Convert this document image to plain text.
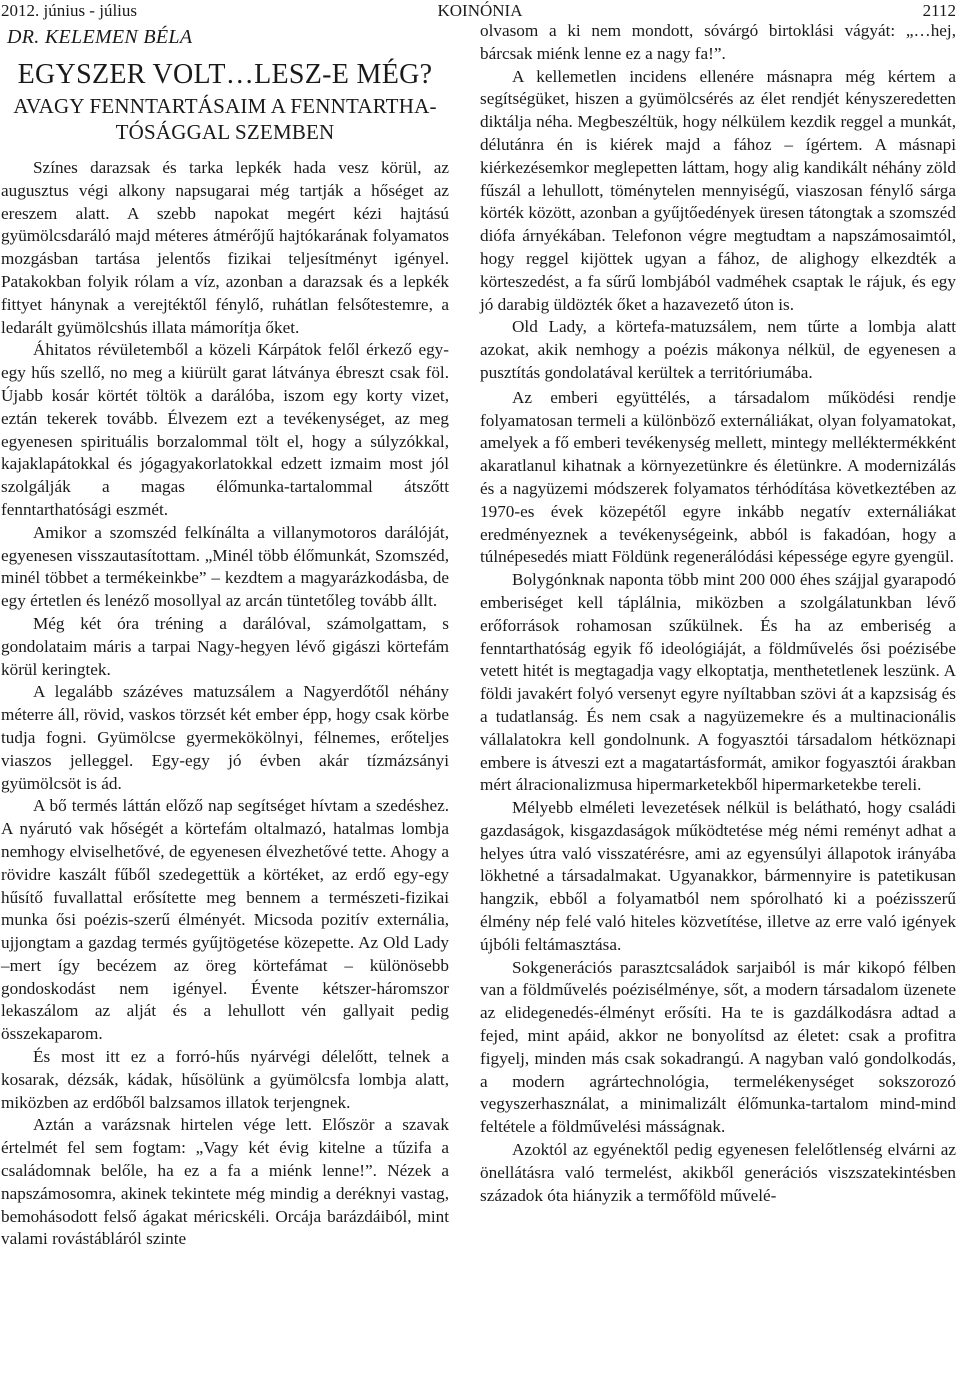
2012. június - július	KOINÓNIA	2112
DR. KELEMEN BÉLA
EGYSZER VOLT…LESZ-E MÉG?
AVAGY FENNTARTÁSAIM A FENNTARTHA-
TÓSÁGGAL SZEMBEN

Színes darazsak és tarka lepkék hada vesz körül, az augusztus végi alkony napsugarai még tartják a hőséget az ereszem alatt. A szebb napokat megért kézi hajtású gyümölcsdaráló majd méteres átmérőjű hajtókarának folyamatos mozgásban tartása jelentős fizikai teljesítményt igényel. Patakokban folyik rólam a víz, azonban a darazsak és a lepkék fittyet hánynak a verejtéktől fénylő, ruhátlan felsőtestemre, a ledarált gyümölcshús illata mámorítja őket.

Áhitatos révületemből a közeli Kárpátok felől érkező egy-egy hűs szellő, no meg a kiürült garat látványa ébreszt csak föl. Újabb kosár körtét töltök a darálóba, iszom egy korty vizet, eztán tekerek tovább. Élvezem ezt a tevékenységet, az meg egyenesen spirituális borzalommal tölt el, hogy a súlyzókkal, kajaklapátokkal és jógagyakorlatokkal edzett izmaim most jól szolgálják a magas élőmunka-tartalommal átszőtt fenntarthatósági eszmét.

Amikor a szomszéd felkínálta a villanymotoros darálóját, egyenesen visszautasítottam. „Minél több élőmunkát, Szomszéd, minél többet a termékeinkbe” – kezdtem a magyarázkodásba, de egy értetlen és lenéző mosollyal az arcán tüntetőleg tovább állt.

Még két óra tréning a darálóval, számolgattam, s gondolataim máris a tarpai Nagy-hegyen lévő gigászi körtefám körül keringtek.

A legalább százéves matuzsálem a Nagyerdőtől néhány méterre áll, rövid, vaskos törzsét két ember épp, hogy csak körbe tudja fogni. Gyümölcse gyermekökölnyi, félnemes, erőteljes viaszos jelleggel. Egy-egy jó évben akár tízmázsányi gyümölcsöt is ád.

A bő termés láttán előző nap segítséget hívtam a szedéshez. A nyárutó vak hőségét a körtefám oltalmazó, hatalmas lombja nemhogy elviselhetővé, de egyenesen élvezhetővé tette. Ahogy a rövidre kaszált fűből szedegettük a körtéket, az erdő egy-egy hűsítő fuvallattal erősítette meg bennem a természeti-fizikai munka ősi poézis-szerű élményét. Micsoda pozitív externália, ujjongtam a gazdag termés gyűjtögetése közepette. Az Old Lady –mert így becézem az öreg körtefámat – különösebb gondoskodást nem igényel. Évente kétszer-háromszor lekaszálom az alját és a lehullott vén gallyait pedig összekaparom.

És most itt ez a forró-hűs nyárvégi délelőtt, telnek a kosarak, dézsák, kádak, hűsölünk a gyümölcsfa lombja alatt, miközben az erdőből balzsamos illatok terjengnek.

Aztán a varázsnak hirtelen vége lett. Először a szavak értelmét fel sem fogtam: „Vagy két évig kitelne a tűzifa a családomnak belőle, ha ez a fa a miénk lenne!”. Nézek a napszámosomra, akinek tekintete még mindig a deréknyi vastag, bemohásodott felső ágakat méricskéli. Orcája barázdáiból, mint valami rovástábláról szinte

olvasom a ki nem mondott, sóvárgó birtoklási vágyát: „…hej, bárcsak miénk lenne ez a nagy fa!”.

A kellemetlen incidens ellenére másnapra még kértem a segítségüket, hiszen a gyümölcsérés az élet rendjét kényszeredetten diktálja néha. Megbeszéltük, hogy nélkülem kezdik reggel a munkát, délutánra én is kiérek majd a fához – ígértem. A másnapi kiérkezésemkor meglepetten láttam, hogy alig kandikált néhány zöld fűszál a lehullott, töménytelen mennyiségű, viaszosan fénylő sárga körték között, azonban a gyűjtőedények üresen tátongtak a szomszéd diófa árnyékában. Telefonon végre megtudtam a napszámosaimtól, hogy reggel kijöttek ugyan a fához, de alighogy elkezdték a körteszedést, a fa sűrű lombjából vadméhek csaptak le rájuk, és egy jó darabig üldözték őket a hazavezető úton is.

Old Lady, a körtefa-matuzsálem, nem tűrte a lombja alatt azokat, akik nemhogy a poézis mákonya nélkül, de egyenesen a pusztítás gondolatával kerültek a territóriumába.

Az emberi együttélés, a társadalom működési rendje folyamatosan termeli a különböző externáliákat, olyan folyamatokat, amelyek a fő emberi tevékenység mellett, mintegy melléktermékként akaratlanul kihatnak a környezetünkre és életünkre. A modernizálás és a nagyüzemi módszerek folyamatos térhódítása következtében az 1970-es évek közepétől egyre inkább negatív externáliákat eredményeznek a tevékenységeink, abból is fakadóan, hogy a túlnépesedés miatt Földünk regenerálódási képessége egyre gyengül.

Bolygónknak naponta több mint 200 000 éhes szájjal gyarapodó emberiséget kell táplálnia, miközben a szolgálatunkban lévő erőforrások rohamosan szűkülnek. És ha az emberiség a fenntarthatóság egyik fő ideológiáját, a földművelés ősi poézisébe vetett hitét is megtagadja vagy elkoptatja, menthetetlenek leszünk. A földi javakért folyó versenyt egyre nyíltabban szövi át a kapzsiság és a tudatlanság. És nem csak a nagyüzemekre és a multinacionális vállalatokra kell gondolnunk. A fogyasztói társadalom hétköznapi embere is átveszi ezt a magatartásformát, amikor fogyasztói árakban mért álracionalizmusa hipermarketekből hipermarketekbe tereli.

Mélyebb elméleti levezetések nélkül is belátható, hogy családi gazdaságok, kisgazdaságok működtetése még némi reményt adhat a helyes útra való visszatérésre, ami az egyensúlyi állapotok irányába lökhetné a társadalmakat. Ugyanakkor, bármennyire is patetikusan hangzik, ebből a folyamatból nem spórolható ki a poézisszerű élmény nép felé való hiteles közvetítése, illetve az erre való igények újbóli feltámasztása.

Sokgenerációs parasztcsaládok sarjaiból is már kikopó félben van a földművelés poézisélménye, sőt, a modern társadalom üzenete az elidegenedés-élményt erősíti. Ha te is gazdálkodásra adtad a fejed, mint apáid, akkor ne bonyolítsd az életet: csak a profitra figyelj, minden más csak sokadrangú. A nagyban való gondolkodás, a modern agrártechnológia, termelékenységet sokszorozó vegyszerhasználat, a minimalizált élőmunka-tartalom mind-mind feltétele a földművelési másságnak.

Azoktól az egyénektől pedig egyenesen felelőtlenség elvárni az önellátásra való termelést, akikből generációs viszszatekintésben századok óta hiányzik a termőföld művelé-
